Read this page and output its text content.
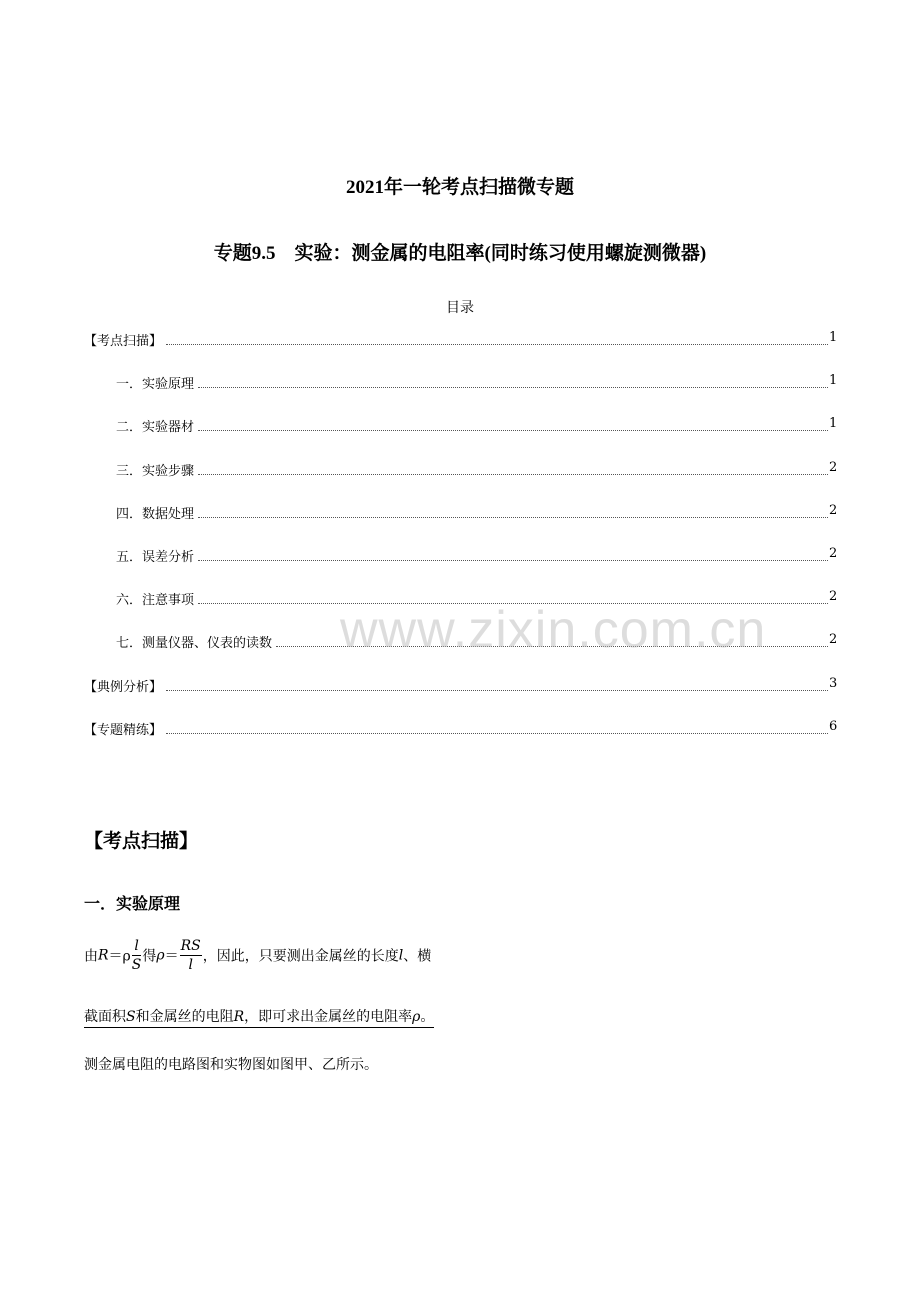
2021年一轮考点扫描微专题
专题9.5　实验：测金属的电阻率(同时练习使用螺旋测微器)
目录
【考点扫描】	1
一．实验原理	1
二．实验器材	1
三．实验步骤	2
四．数据处理	2
五．误差分析	2
六．注意事项	2
七．测量仪器、仪表的读数	2
【典例分析】	3
【专题精练】	6
www.zixin.com.cn
【考点扫描】
一．实验原理
由$R=\rho \frac{l}{S}$ 得$\rho= \frac{RS}{l}$ ，因此，只要测出金属丝的长度l、横
截面积S和金属丝的电阻R，即可求出金属丝的电阻率ρ。
测金属电阻的电路图和实物图如图甲、乙所示。
